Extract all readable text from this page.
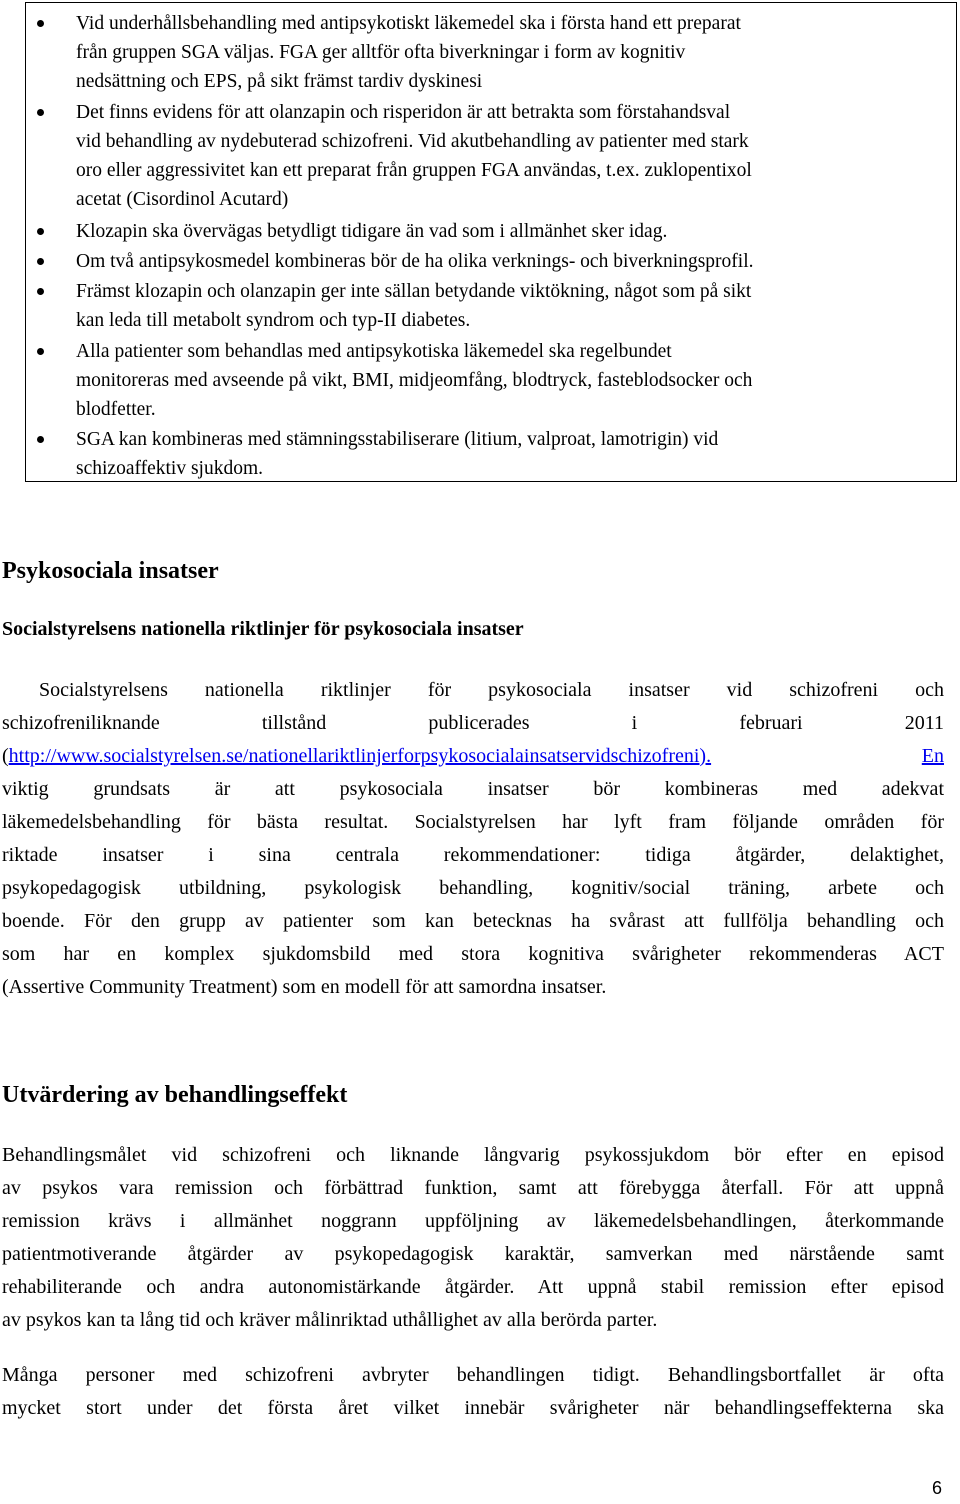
Vid underhållsbehandling med antipsykotiskt läkemedel ska i första hand ett preparat
från gruppen SGA väljas. FGA ger alltför ofta biverkningar i form av kognitiv
nedsättning och EPS, på sikt främst tardiv dyskinesi
Det finns evidens för att olanzapin och risperidon är att betrakta som förstahandsval
vid behandling av nydebuterad schizofreni. Vid akutbehandling av patienter med stark
oro eller aggressivitet kan ett preparat från gruppen FGA användas, t.ex. zuklopentixol
acetat (Cisordinol Acutard)
Klozapin ska övervägas betydligt tidigare än vad som i allmänhet sker idag.
Om två antipsykosmedel kombineras bör de ha olika verknings- och biverkningsprofil.
Främst klozapin och olanzapin ger inte sällan betydande viktökning, något som på sikt
kan leda till metabolt syndrom och typ-II diabetes.
Alla patienter som behandlas med antipsykotiska läkemedel ska regelbundet
monitoreras med avseende på vikt, BMI, midjeomfång, blodtryck, fasteblodsocker och
blodfetter.
SGA kan kombineras med stämningsstabiliserare (litium, valproat, lamotrigin) vid
schizoaffektiv sjukdom.
Psykosociala insatser
Socialstyrelsens nationella riktlinjer för psykosociala insatser
Socialstyrelsens nationella riktlinjer för psykosociala insatser vid schizofreni och
schizofreniliknande tillstånd publicerades i februari 2011
(http://www.socialstyrelsen.se/nationellariktlinjerforpsykosocialainsatservidschizofreni).	En
viktig grundsats är att psykosociala insatser bör kombineras med adekvat
läkemedelsbehandling för bästa resultat. Socialstyrelsen har lyft fram följande områden för
riktade insatser i sina centrala rekommendationer: tidiga åtgärder, delaktighet,
psykopedagogisk utbildning, psykologisk behandling, kognitiv/social träning, arbete och
boende. För den grupp av patienter som kan betecknas ha svårast att fullfölja behandling och
som har en komplex sjukdomsbild med stora kognitiva svårigheter rekommenderas ACT
(Assertive Community Treatment) som en modell för att samordna insatser.
Utvärdering av behandlingseffekt
Behandlingsmålet vid schizofreni och liknande långvarig psykossjukdom bör efter en episod
av psykos vara remission och förbättrad funktion, samt att förebygga återfall. För att uppnå
remission krävs i allmänhet noggrann uppföljning av läkemedelsbehandlingen, återkommande
patientmotiverande åtgärder av psykopedagogisk karaktär, samverkan med närstående samt
rehabiliterande och andra autonomistärkande åtgärder. Att uppnå stabil remission efter episod
av psykos kan ta lång tid och kräver målinriktad uthållighet av alla berörda parter.
Många personer med schizofreni avbryter behandlingen tidigt. Behandlingsbortfallet är ofta
mycket stort under det första året vilket innebär svårigheter när behandlingseffekterna ska
6
